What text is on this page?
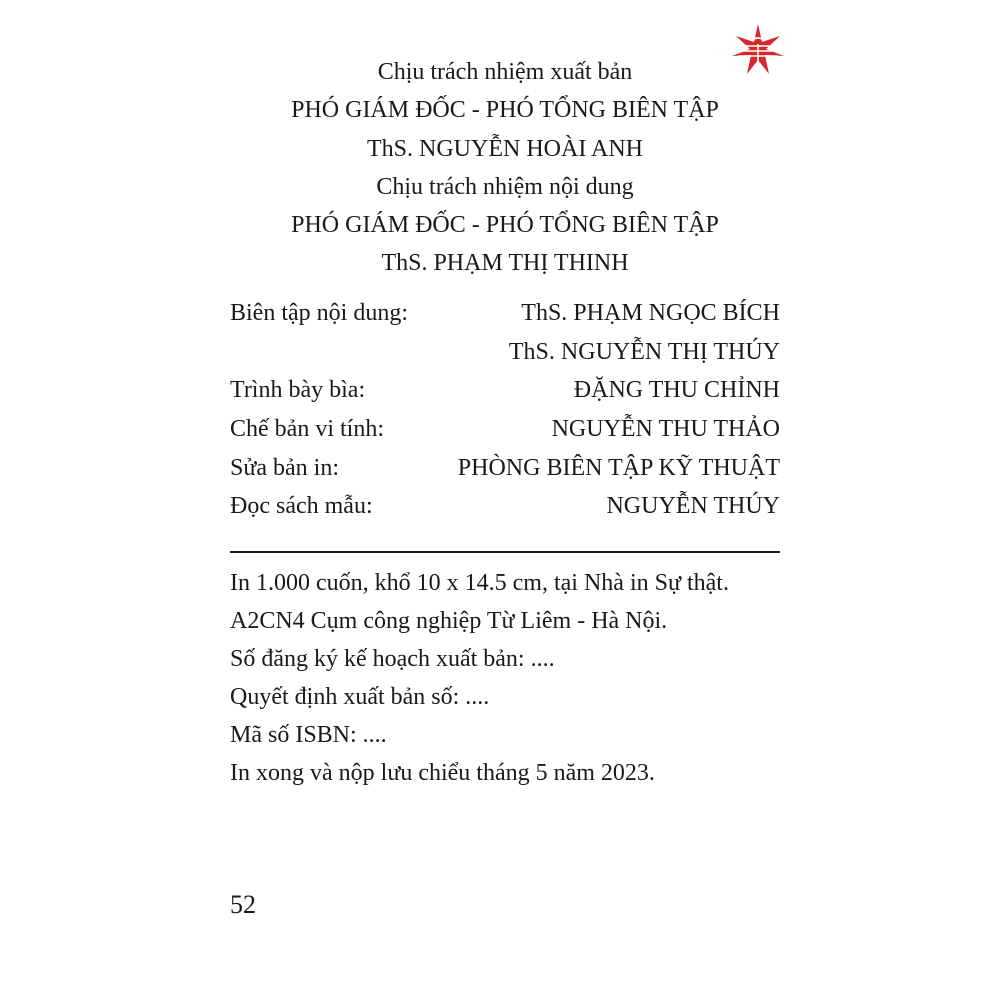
Chịu trách nhiệm xuất bản
PHÓ GIÁM ĐỐC - PHÓ TỔNG BIÊN TẬP
ThS. NGUYỄN HOÀI ANH
Chịu trách nhiệm nội dung
PHÓ GIÁM ĐỐC - PHÓ TỔNG BIÊN TẬP
ThS. PHẠM THỊ THINH
Biên tập nội dung:	ThS. PHẠM NGỌC BÍCH
ThS. NGUYỄN THỊ THÚY
Trình bày bìa:	ĐẶNG THU CHỈNH
Chế bản vi tính:	NGUYỄN THU THẢO
Sửa bản in:	PHÒNG BIÊN TẬP KỸ THUẬT
Đọc sách mẫu:	NGUYỄN THÚY
In 1.000 cuốn, khổ 10 x 14.5 cm, tại Nhà in Sự thật.
A2CN4 Cụm công nghiệp Từ Liêm - Hà Nội.
Số đăng ký kế hoạch xuất bản: ....
Quyết định xuất bản số: ....
Mã số ISBN: ....
In xong và nộp lưu chiểu tháng 5 năm 2023.
52
